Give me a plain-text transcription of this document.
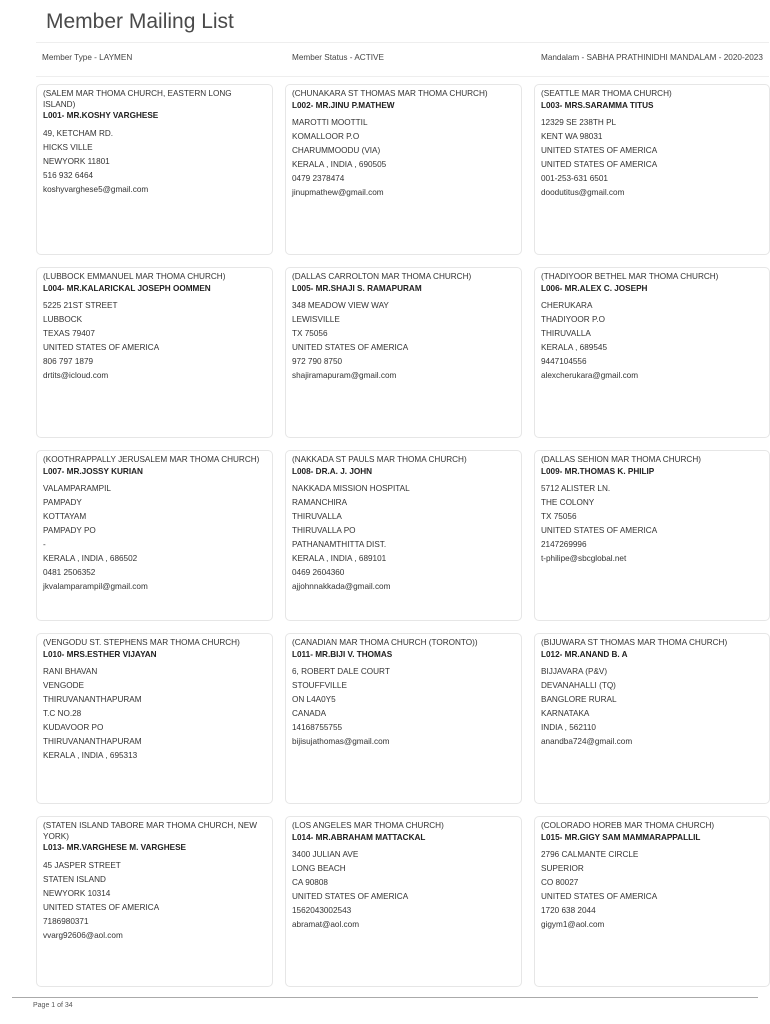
Member Mailing List
Member Type - LAYMEN	Member Status - ACTIVE	Mandalam - SABHA PRATHINIDHI MANDALAM - 2020-2023
(SALEM MAR THOMA CHURCH, EASTERN LONG ISLAND)
L001- MR.KOSHY VARGHESE
49, KETCHAM RD.
HICKS VILLE
NEWYORK 11801
516 932 6464
koshyvarghese5@gmail.com
(CHUNAKARA ST THOMAS MAR THOMA CHURCH)
L002- MR.JINU P.MATHEW
MAROTTI MOOTTIL
KOMALLOOR P.O
CHARUMMOODU (VIA)
KERALA , INDIA , 690505
0479 2378474
jinupmathew@gmail.com
(SEATTLE MAR THOMA CHURCH)
L003- MRS.SARAMMA TITUS
12329 SE 238TH PL
KENT WA 98031
UNITED STATES OF AMERICA
UNITED STATES OF AMERICA
001-253-631 6501
doodutitus@gmail.com
(LUBBOCK EMMANUEL MAR THOMA CHURCH)
L004- MR.KALARICKAL JOSEPH OOMMEN
5225 21ST STREET
LUBBOCK
TEXAS 79407
UNITED STATES OF AMERICA
806 797 1879
drtits@icloud.com
(DALLAS CARROLTON MAR THOMA CHURCH)
L005- MR.SHAJI S. RAMAPURAM
348 MEADOW VIEW WAY
LEWISVILLE
TX 75056
UNITED STATES OF AMERICA
972 790 8750
shajiramapuram@gmail.com
(THADIYOOR BETHEL MAR THOMA CHURCH)
L006- MR.ALEX C. JOSEPH
CHERUKARA
THADIYOOR P.O
THIRUVALLA
KERALA , 689545
9447104556
alexcherukara@gmail.com
(KOOTHRAPPALLY JERUSALEM MAR THOMA CHURCH)
L007- MR.JOSSY KURIAN
VALAMPARAMPIL
PAMPADY
KOTTAYAM
PAMPADY PO
-
KERALA , INDIA , 686502
0481 2506352
jkvalamparampil@gmail.com
(NAKKADA ST PAULS MAR THOMA CHURCH)
L008- DR.A. J. JOHN
NAKKADA MISSION HOSPITAL
RAMANCHIRA
THIRUVALLA
THIRUVALLA PO
PATHANAMTHITTA DIST.
KERALA , INDIA , 689101
0469 2604360
ajjohnnakkada@gmail.com
(DALLAS SEHION MAR THOMA CHURCH)
L009- MR.THOMAS K. PHILIP
5712 ALISTER LN.
THE COLONY
TX 75056
UNITED STATES OF AMERICA
2147269996
t-philipe@sbcglobal.net
(VENGODU ST. STEPHENS MAR THOMA CHURCH)
L010- MRS.ESTHER VIJAYAN
RANI BHAVAN
VENGODE
THIRUVANANTHAPURAM
T.C NO.28
KUDAVOOR PO
THIRUVANANTHAPURAM
KERALA , INDIA , 695313
(CANADIAN MAR THOMA CHURCH (TORONTO))
L011- MR.BIJI V. THOMAS
6, ROBERT DALE COURT
STOUFFVILLE
ON L4A0Y5
CANADA
14168755755
bijisujathomas@gmail.com
(BIJUWARA ST THOMAS MAR THOMA CHURCH)
L012- MR.ANAND B. A
BIJJAVARA (P&V)
DEVANAHALLI (TQ)
BANGLORE RURAL
KARNATAKA
INDIA , 562110
anandba724@gmail.com
(STATEN ISLAND TABORE MAR THOMA CHURCH, NEW YORK)
L013- MR.VARGHESE M. VARGHESE
45 JASPER STREET
STATEN ISLAND
NEWYORK 10314
UNITED STATES OF AMERICA
7186980371
vvarg92606@aol.com
(LOS ANGELES MAR THOMA CHURCH)
L014- MR.ABRAHAM MATTACKAL
3400 JULIAN AVE
LONG BEACH
CA 90808
UNITED STATES OF AMERICA
1562043002543
abramat@aol.com
(COLORADO HOREB MAR THOMA CHURCH)
L015- MR.GIGY SAM MAMMARAPPALLIL
2796 CALMANTE CIRCLE
SUPERIOR
CO 80027
UNITED STATES OF AMERICA
1720 638 2044
gigym1@aol.com
Page 1 of 34
